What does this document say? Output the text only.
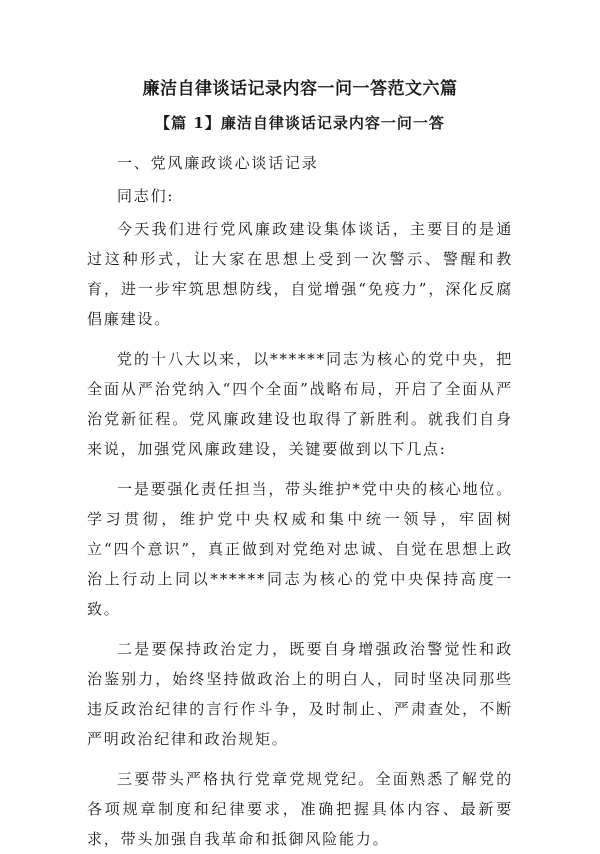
廉洁自律谈话记录内容一问一答范文六篇
【篇 1】廉洁自律谈话记录内容一问一答

一、党风廉政谈心谈话记录

同志们:

今天我们进行党风廉政建设集体谈话，主要目的是通过这种形式，让大家在思想上受到一次警示、警醒和教育，进一步牢筑思想防线，自觉增强“免疫力”，深化反腐倡廉建设。

党的十八大以来，以******同志为核心的党中央，把全面从严治党纳入“四个全面”战略布局，开启了全面从严治党新征程。党风廉政建设也取得了新胜利。就我们自身来说，加强党风廉政建设，关键要做到以下几点:

一是要强化责任担当，带头维护*党中央的核心地位。学习贯彻，维护党中央权威和集中统一领导，牢固树立“四个意识”，真正做到对党绝对忠诚、自觉在思想上政治上行动上同以******同志为核心的党中央保持高度一致。

二是要保持政治定力，既要自身增强政治警觉性和政治鉴别力，始终坚持做政治上的明白人，同时坚决同那些违反政治纪律的言行作斗争，及时制止、严肃查处，不断严明政治纪律和政治规矩。

三要带头严格执行党章党规党纪。全面熟悉了解党的各项规章制度和纪律要求，准确把握具体内容、最新要求，带头加强自我革命和抵御风险能力。
